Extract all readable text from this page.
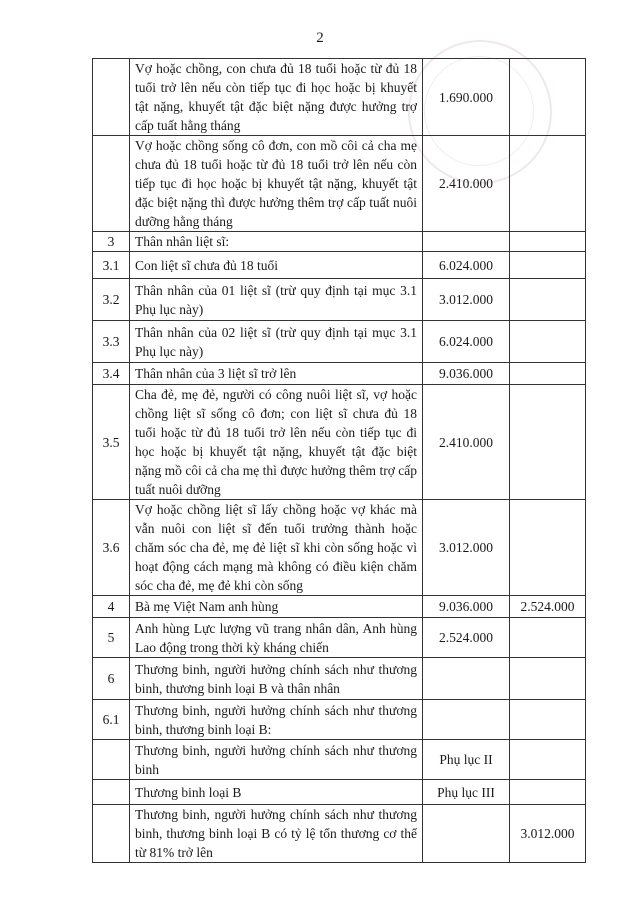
2
	Vợ hoặc chồng, con chưa đủ 18 tuổi hoặc từ đủ 18 tuổi trở lên nếu còn tiếp tục đi học hoặc bị khuyết tật nặng, khuyết tật đặc biệt nặng được hưởng trợ cấp tuất hằng tháng	1.690.000	
	Vợ hoặc chồng sống cô đơn, con mồ côi cả cha mẹ chưa đủ 18 tuổi hoặc từ đủ 18 tuổi trở lên nếu còn tiếp tục đi học hoặc bị khuyết tật nặng, khuyết tật đặc biệt nặng thì được hưởng thêm trợ cấp tuất nuôi dưỡng hằng tháng	2.410.000	
3	Thân nhân liệt sĩ:		
3.1	Con liệt sĩ chưa đủ 18 tuổi	6.024.000	
3.2	Thân nhân của 01 liệt sĩ (trừ quy định tại mục 3.1 Phụ lục này)	3.012.000	
3.3	Thân nhân của 02 liệt sĩ (trừ quy định tại mục 3.1 Phụ lục này)	6.024.000	
3.4	Thân nhân của 3 liệt sĩ trở lên	9.036.000	
3.5	Cha đẻ, mẹ đẻ, người có công nuôi liệt sĩ, vợ hoặc chồng liệt sĩ sống cô đơn; con liệt sĩ chưa đủ 18 tuổi hoặc từ đủ 18 tuổi trở lên nếu còn tiếp tục đi học hoặc bị khuyết tật nặng, khuyết tật đặc biệt nặng mồ côi cả cha mẹ thì được hưởng thêm trợ cấp tuất nuôi dưỡng	2.410.000	
3.6	Vợ hoặc chồng liệt sĩ lấy chồng hoặc vợ khác mà vẫn nuôi con liệt sĩ đến tuổi trưởng thành hoặc chăm sóc cha đẻ, mẹ đẻ liệt sĩ khi còn sống hoặc vì hoạt động cách mạng mà không có điều kiện chăm sóc cha đẻ, mẹ đẻ khi còn sống	3.012.000	
4	Bà mẹ Việt Nam anh hùng	9.036.000	2.524.000
5	Anh hùng Lực lượng vũ trang nhân dân, Anh hùng Lao động trong thời kỳ kháng chiến	2.524.000	
6	Thương binh, người hưởng chính sách như thương binh, thương binh loại B và thân nhân		
6.1	Thương binh, người hưởng chính sách như thương binh, thương binh loại B:		
	Thương binh, người hưởng chính sách như thương binh	Phụ lục II	
	Thương binh loại B	Phụ lục III	
	Thương binh, người hưởng chính sách như thương binh, thương binh loại B có tỷ lệ tổn thương cơ thể từ 81% trở lên		3.012.000
